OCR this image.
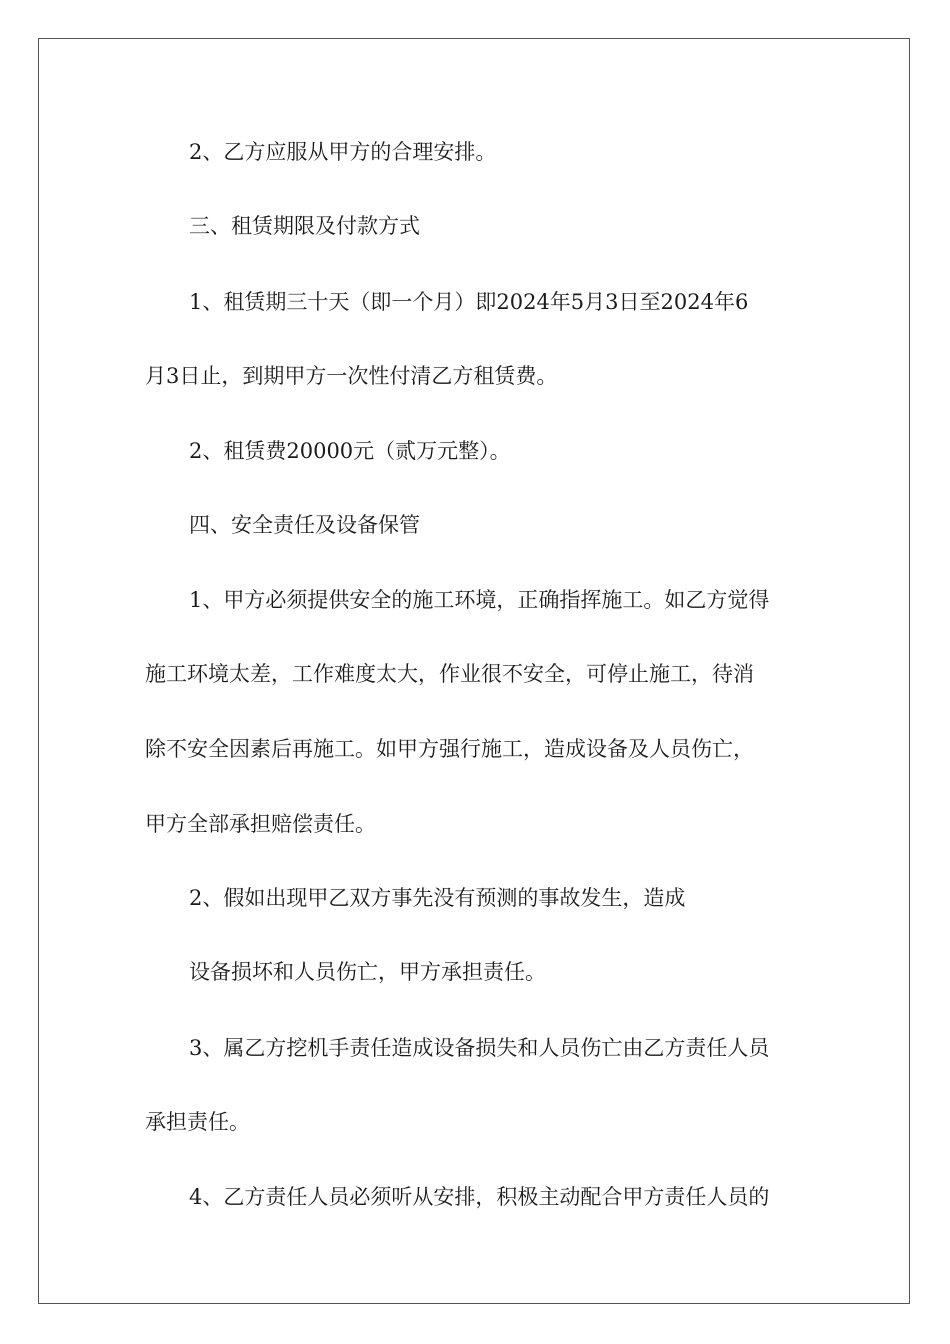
2、乙方应服从甲方的合理安排。
三、租赁期限及付款方式
1、租赁期三十天（即一个月）即2024年5月3日至2024年6
月3日止，到期甲方一次性付清乙方租赁费。
2、租赁费20000元（贰万元整）。
四、安全责任及设备保管
1、甲方必须提供安全的施工环境，正确指挥施工。如乙方觉得
施工环境太差，工作难度太大，作业很不安全，可停止施工，待消
除不安全因素后再施工。如甲方强行施工，造成设备及人员伤亡，
甲方全部承担赔偿责任。
2、假如出现甲乙双方事先没有预测的事故发生，造成
设备损坏和人员伤亡，甲方承担责任。
3、属乙方挖机手责任造成设备损失和人员伤亡由乙方责任人员
承担责任。
4、乙方责任人员必须听从安排，积极主动配合甲方责任人员的
